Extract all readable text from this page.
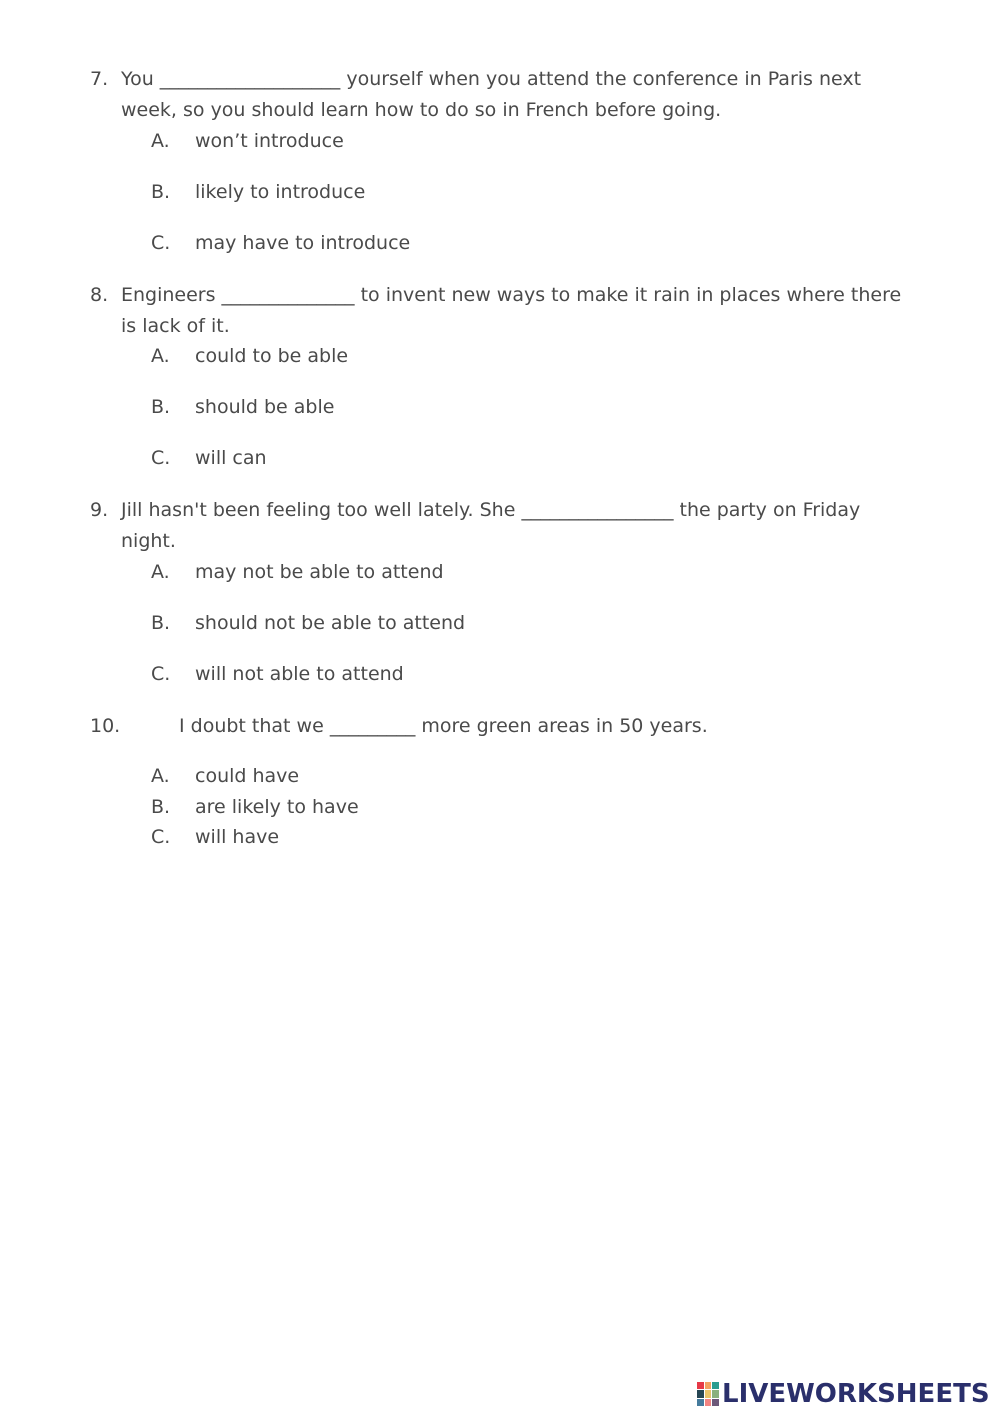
7. You ___________________ yourself when you attend the conference in Paris next week, so you should learn how to do so in French before going.
A. won’t introduce
B. likely to introduce
C. may have to introduce
8. Engineers ______________ to invent new ways to make it rain in places where there is lack of it.
A. could to be able
B. should be able
C. will can
9. Jill hasn't been feeling too well lately. She ________________ the party on Friday night.
A. may not be able to attend
B. should not be able to attend
C. will not able to attend
10.	I doubt that we _________ more green areas in 50 years.
A. could have
B. are likely to have
C. will have
LIVEWORKSHEETS
